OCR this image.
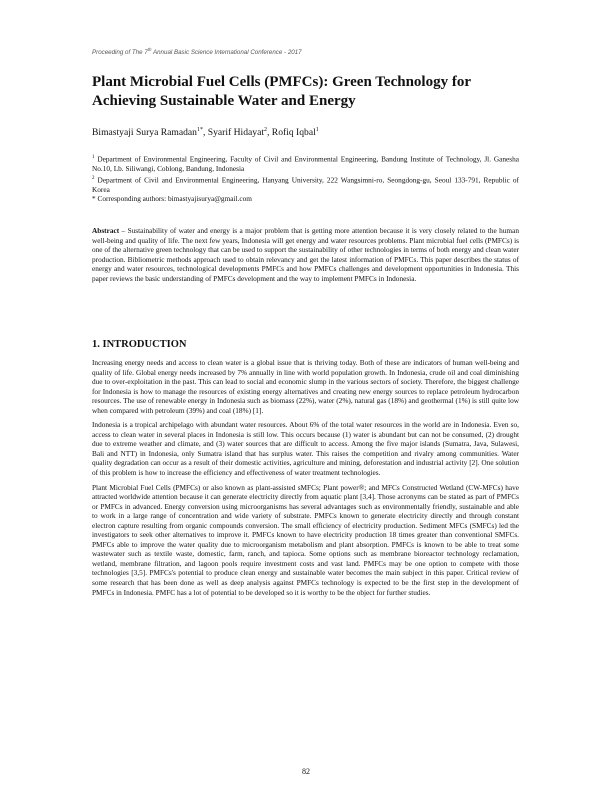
Proceeding of The 7th Annual Basic Science International Conference - 2017
Plant Microbial Fuel Cells (PMFCs): Green Technology for Achieving Sustainable Water and Energy
Bimastyaji Surya Ramadan$^{1*}$, Syarif Hidayat$^2$, Rofiq Iqbal$^1$

$^1$ Department of Environmental Engineering, Faculty of Civil and Environmental Engineering, Bandung Institute of Technology, Jl. Ganesha No.10, Lb. Siliwangi, Coblong, Bandung, Indonesia

$^2$ Department of Civil and Environmental Engineering, Hanyang University, 222 Wangsimni-ro, Seongdong-gu, Seoul 133-791, Republic of Korea

* Corresponding authors: bimastyajisurya@gmail.com

Abstract – Sustainability of water and energy is a major problem that is getting more attention because it is very closely related to the human well-being and quality of life. The next few years, Indonesia will get energy and water resources problems. Plant microbial fuel cells (PMFCs) is one of the alternative green technology that can be used to support the sustainability of other technologies in terms of both energy and clean water production. Bibliometric methods approach used to obtain relevancy and get the latest information of PMFCs. This paper describes the status of energy and water resources, technological developments PMFCs and how PMFCs challenges and development opportunities in Indonesia. This paper reviews the basic understanding of PMFCs development and the way to implement PMFCs in Indonesia.

1. INTRODUCTION

Increasing energy needs and access to clean water is a global issue that is thriving today. Both of these are indicators of human well-being and quality of life. Global energy needs increased by 7% annually in line with world population growth. In Indonesia, crude oil and coal diminishing due to over-exploitation in the past. This can lead to social and economic slump in the various sectors of society. Therefore, the biggest challenge for Indonesia is how to manage the resources of existing energy alternatives and creating new energy sources to replace petroleum hydrocarbon resources. The use of renewable energy in Indonesia such as biomass (22%), water (2%), natural gas (18%) and geothermal (1%) is still quite low when compared with petroleum (39%) and coal (18%) [1].

Indonesia is a tropical archipelago with abundant water resources. About 6% of the total water resources in the world are in Indonesia. Even so, access to clean water in several places in Indonesia is still low. This occurs because (1) water is abundant but can not be consumed, (2) drought due to extreme weather and climate, and (3) water sources that are difficult to access. Among the five major islands (Sumatra, Java, Sulawesi, Bali and NTT) in Indonesia, only Sumatra island that has surplus water. This raises the competition and rivalry among communities. Water quality degradation can occur as a result of their domestic activities, agriculture and mining, deforestation and industrial activity [2]. One solution of this problem is how to increase the efficiency and effectiveness of water treatment technologies.

Plant Microbial Fuel Cells (PMFCs) or also known as plant-assisted sMFCs; Plant power®; and MFCs Constructed Wetland (CW-MFCs) have attracted worldwide attention because it can generate electricity directly from aquatic plant [3,4]. Those acronyms can be stated as part of PMFCs or PMFCs in advanced. Energy conversion using microorganisms has several advantages such as environmentally friendly, sustainable and able to work in a large range of concentration and wide variety of substrate. PMFCs known to generate electricity directly and through constant electron capture resulting from organic compounds conversion. The small efficiency of electricity production. Sediment MFCs (SMFCs) led the investigators to seek other alternatives to improve it. PMFCs known to have electricity production 18 times greater than conventional SMFCs. PMFCs able to improve the water quality due to microorganism metabolism and plant absorption. PMFCs is known to be able to treat some wastewater such as textile waste, domestic, farm, ranch, and tapioca. Some options such as membrane bioreactor technology reclamation, wetland, membrane filtration, and lagoon pools require investment costs and vast land. PMFCs may be one option to compete with those technologies [3,5]. PMFCs's potential to produce clean energy and sustainable water becomes the main subject in this paper. Critical review of some research that has been done as well as deep analysis against PMFCs technology is expected to be the first step in the development of PMFCs in Indonesia. PMFC has a lot of potential to be developed so it is worthy to be the object for further studies.

82
